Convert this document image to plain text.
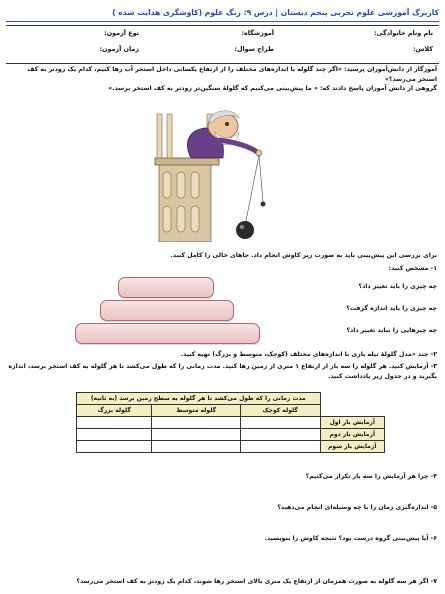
کاربرگ آموزشی علوم تجربی پنجم دبستان | درس ۹: زنگ علوم (کاوشگری هدایت شده )
نام ونام خانوادگی:
آموزشگاه:
نوع آزمون:
کلاس:
طراح سوال:
زمان آزمون:
آموزگار از دانش‌آموزان پرسید: «اگر چند گلوله با اندازه‌های مختلف را از ارتفاع یکسانی داخل استخر آب رها کنیم، کدام یک زودتر به کف
استخر می‌رسد؟»
گروهی از دانش آموزان پاسخ دادند که: « ما پیش‌بینی می‌کنیم که گلولهٔ سنگین‌تر زودتر به کف استخر برسد.»
برای بررسی این پیش‌بینی باید به صورت زیر کاوش انجام داد. جاهای خالی را کامل کنید.
۱- مشخص کنید:
چه چیزی را باید تغییر داد؟
چه چیزی را باید اندازه گرفت؟
چه چیزهایی را نباید تغییر داد؟
۲- چند «مدل گلولهٔ تیله بازی با اندازه‌های مختلف (کوچک، متوسط و بزرگ) تهیه کنید.
۳- آزمایش کنید. هر گلوله را سه بار از ارتفاع ۱ متری از زمین رها کنید. مدت زمانی را که طول می‌کشد تا هر گلوله به کف استخر برسد، اندازه
بگیرید و در جدول زیر یادداشت کنید.
	مدت زمانی را که طول می‌کشد تا هر گلوله به سطح زمین برسد (به ثانیه)		
	گلوله کوچک	گلوله متوسط	گلوله بزرگ
آزمایش بار اول			
آزمایش بار دوم			
آزمایش بار سوم			
۴- چرا هر آزمایش را سه بار تکرار می‌کنیم؟
۵- اندازه‌گیری زمان را با چه وسیله‌ای انجام می‌دهید؟
۶- آیا پیش‌بینی گروه درست بود؟ نتیجه کاوش را بنویسید.
۷- اگر هر سه گلوله به صورت همزمان از ارتفاع یک متری بالای استخر رها شوند، کدام یک زودتر به کف استخر می‌رسد؟
